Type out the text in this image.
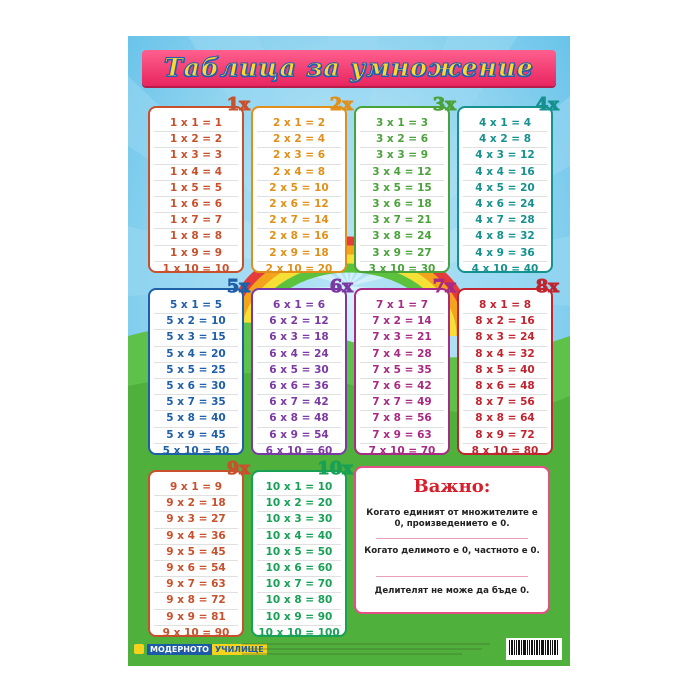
Таблица за умножение
1x
1 x 1 = 1
1 x 2 = 2
1 x 3 = 3
1 x 4 = 4
1 x 5 = 5
1 x 6 = 6
1 x 7 = 7
1 x 8 = 8
1 x 9 = 9
1 x 10 = 10
2x
2 x 1 = 2
2 x 2 = 4
2 x 3 = 6
2 x 4 = 8
2 x 5 = 10
2 x 6 = 12
2 x 7 = 14
2 x 8 = 16
2 x 9 = 18
2 x 10 = 20
3x
3 x 1 = 3
3 x 2 = 6
3 x 3 = 9
3 x 4 = 12
3 x 5 = 15
3 x 6 = 18
3 x 7 = 21
3 x 8 = 24
3 x 9 = 27
3 x 10 = 30
4x
4 x 1 = 4
4 x 2 = 8
4 x 3 = 12
4 x 4 = 16
4 x 5 = 20
4 x 6 = 24
4 x 7 = 28
4 x 8 = 32
4 x 9 = 36
4 x 10 = 40
5x
5 x 1 = 5
5 x 2 = 10
5 x 3 = 15
5 x 4 = 20
5 x 5 = 25
5 x 6 = 30
5 x 7 = 35
5 x 8 = 40
5 x 9 = 45
5 x 10 = 50
6x
6 x 1 = 6
6 x 2 = 12
6 x 3 = 18
6 x 4 = 24
6 x 5 = 30
6 x 6 = 36
6 x 7 = 42
6 x 8 = 48
6 x 9 = 54
6 x 10 = 60
7x
7 x 1 = 7
7 x 2 = 14
7 x 3 = 21
7 x 4 = 28
7 x 5 = 35
7 x 6 = 42
7 x 7 = 49
7 x 8 = 56
7 x 9 = 63
7 x 10 = 70
8x
8 x 1 = 8
8 x 2 = 16
8 x 3 = 24
8 x 4 = 32
8 x 5 = 40
8 x 6 = 48
8 x 7 = 56
8 x 8 = 64
8 x 9 = 72
8 x 10 = 80
9x
9 x 1 = 9
9 x 2 = 18
9 x 3 = 27
9 x 4 = 36
9 x 5 = 45
9 x 6 = 54
9 x 7 = 63
9 x 8 = 72
9 x 9 = 81
9 x 10 = 90
10x
10 x 1 = 10
10 x 2 = 20
10 x 3 = 30
10 x 4 = 40
10 x 5 = 50
10 x 6 = 60
10 x 7 = 70
10 x 8 = 80
10 x 9 = 90
10 x 10 = 100
Важно:
Когато единият от множителите е 0, произведението е 0.
Когато делимото е 0, частното е 0.
Делителят не може да бъде 0.
МОДЕРНОТО УЧИЛИЩЕ
